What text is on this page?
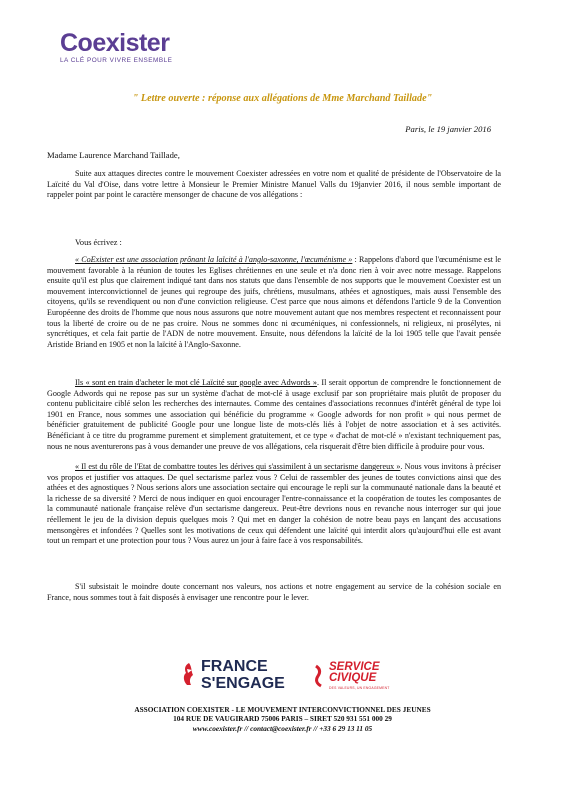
Coexister
LA CLÉ POUR VIVRE ENSEMBLE
" Lettre ouverte : réponse aux allégations de Mme Marchand Taillade"
Paris, le 19 janvier 2016
Madame Laurence Marchand Taillade,

Suite aux attaques directes contre le mouvement Coexister adressées en votre nom et qualité de présidente de l'Observatoire de la Laïcité du Val d'Oise, dans votre lettre à Monsieur le Premier Ministre Manuel Valls du 19janvier 2016, il nous semble important de rappeler point par point le caractère mensonger de chacune de vos allégations :

Vous écrivez :

« CoExister est une association prônant la laïcité à l'anglo-saxonne, l'œcuménisme » : Rappelons d'abord que l'œcuménisme est le mouvement favorable à la réunion de toutes les Eglises chrétiennes en une seule et n'a donc rien à voir avec notre message. Rappelons ensuite qu'il est plus que clairement indiqué tant dans nos statuts que dans l'ensemble de nos supports que le mouvement Coexister est un mouvement interconvictionnel de jeunes qui regroupe des juifs, chrétiens, musulmans, athées et agnostiques, mais aussi l'ensemble des citoyens, qu'ils se revendiquent ou non d'une conviction religieuse. C'est parce que nous aimons et défendons l'article 9 de la Convention Européenne des droits de l'homme que nous nous assurons que notre mouvement autant que nos membres respectent et reconnaissent pour tous la liberté de croire ou de ne pas croire. Nous ne sommes donc ni œcuméniques, ni confessionnels, ni religieux, ni prosélytes, ni syncrétiques, et cela fait partie de l'ADN de notre mouvement. Ensuite, nous défendons la laïcité de la loi 1905 telle que l'avait pensée Aristide Briand en 1905 et non la laïcité à l'Anglo-Saxonne.

Ils « sont en train d'acheter le mot clé Laïcité sur google avec Adwords ». Il serait opportun de comprendre le fonctionnement de Google Adwords qui ne repose pas sur un système d'achat de mot-clé à usage exclusif par son propriétaire mais plutôt de proposer du contenu publicitaire ciblé selon les recherches des internautes. Comme des centaines d'associations reconnues d'intérêt général de type loi 1901 en France, nous sommes une association qui bénéficie du programme « Google adwords for non profit » qui nous permet de bénéficier gratuitement de publicité Google pour une longue liste de mots-clés liés à l'objet de notre association et à ses activités. Bénéficiant à ce titre du programme purement et simplement gratuitement, et ce type « d'achat de mot-clé » n'existant techniquement pas, nous ne nous aventurerons pas à vous demander une preuve de vos allégations, cela risquerait d'être bien difficile à produire pour vous.

« Il est du rôle de l'Etat de combattre toutes les dérives qui s'assimilent à un sectarisme dangereux ». Nous vous invitons à préciser vos propos et justifier vos attaques. De quel sectarisme parlez vous ? Celui de rassembler des jeunes de toutes convictions ainsi que des athées et des agnostiques ? Nous serions alors une association sectaire qui encourage le repli sur la communauté nationale dans la beauté et la richesse de sa diversité ? Merci de nous indiquer en quoi encourager l'entre-connaissance et la coopération de toutes les composantes de la communauté nationale française relève d'un sectarisme dangereux. Peut-être devrions nous en revanche nous interroger sur qui joue réellement le jeu de la division depuis quelques mois ? Qui met en danger la cohésion de notre beau pays en lançant des accusations mensongères et infondées ? Quelles sont les motivations de ceux qui défendent une laïcité qui interdit alors qu'aujourd'hui elle est avant tout un rempart et une protection pour tous ? Vous aurez un jour à faire face à vos responsabilités.

S'il subsistait le moindre doute concernant nos valeurs, nos actions et notre engagement au service de la cohésion sociale en France, nous sommes tout à fait disposés à envisager une rencontre pour le lever.

FRANCE
S'ENGAGE
SERVICE
CIVIQUE
DES VALEURS, UN ENGAGEMENT
ASSOCIATION COEXISTER - LE MOUVEMENT INTERCONVICTIONNEL DES JEUNES
104 RUE DE VAUGIRARD 75006 PARIS – SIRET 520 931 551 000 29
www.coexister.fr // contact@coexister.fr // +33 6 29 13 11 05
